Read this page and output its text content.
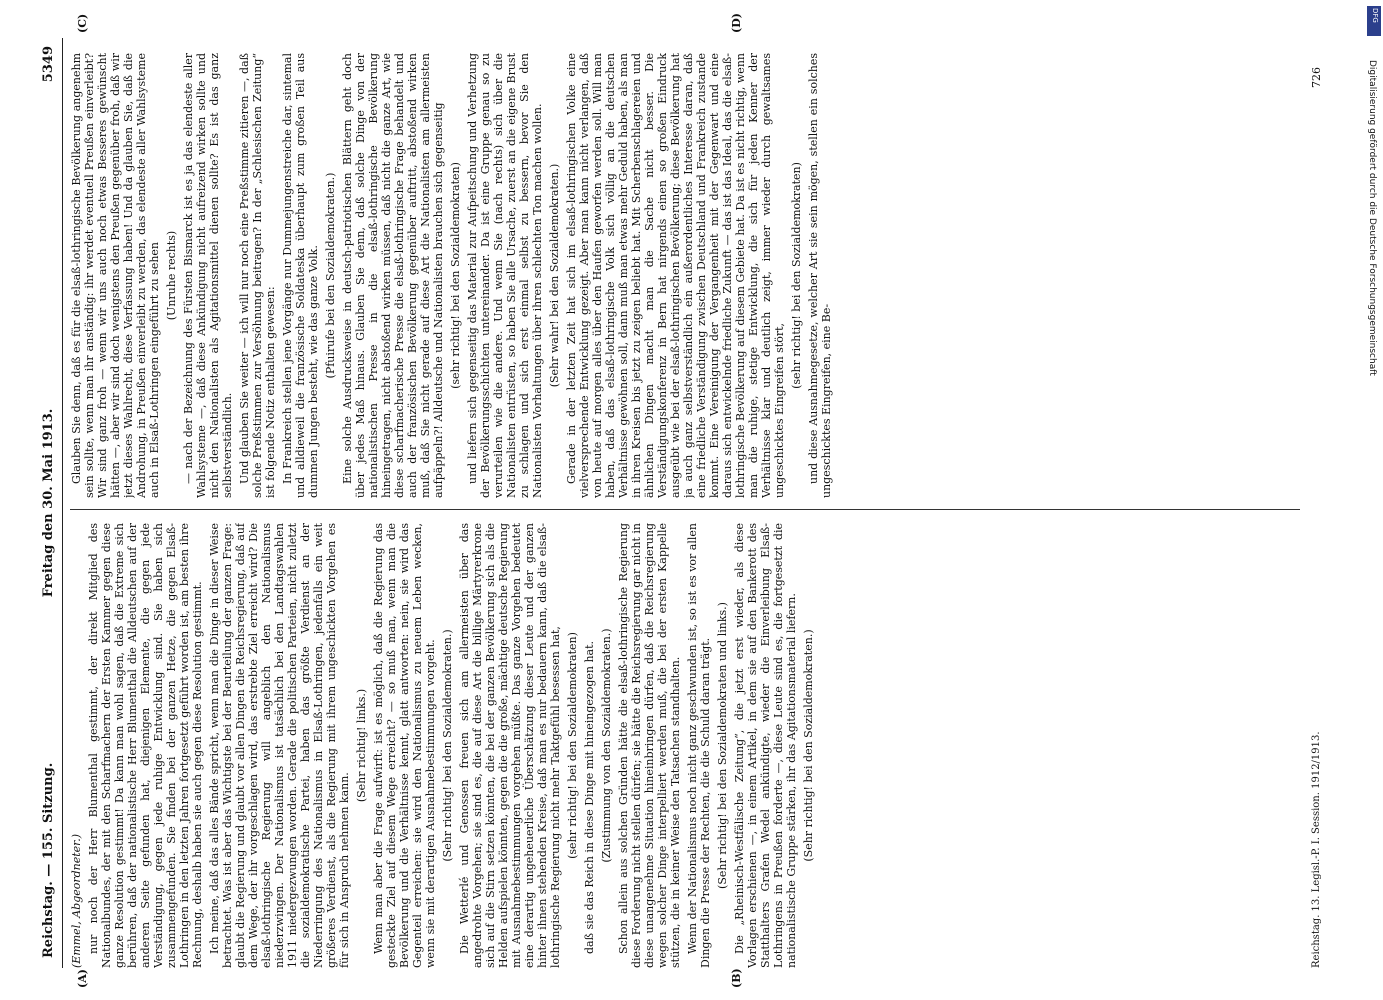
Reichstag. — 155. Sitzung.
Freitag den 30. Mai 1913.
5349

(Emmel, Abgeordneter.) nur noch der Herr Blumenthal gestimmt, der direkt Mitglied des Nationalbundes, der mit den Scharfmachern der Ersten Kammer gegen diese ganze Resolution gestimmt! Da kann man wohl sagen, daß die Extreme sich berühren, daß der nationalistische Herr Blumenthal die Alldeutschen auf der anderen Seite gefunden hat, diejenigen Elemente, die gegen jede Verständigung, gegen jede ruhige Entwicklung sind. Sie haben sich zusammengefunden. Sie finden bei der ganzen Hetze, die gegen Elsaß-Lothringen in den letzten Jahren fortgesetzt geführt worden ist, am besten ihre Rechnung, deshalb haben sie auch gegen diese Resolution gestimmt. Ich meine, daß das alles Bände spricht, wenn man die Dinge in dieser Weise betrachtet. Was ist aber das Wichtigste bei der Beurteilung der ganzen Frage: glaubt die Regierung und glaubt vor allen Dingen die Reichsregierung, daß auf dem Wege, der ihr vorgeschlagen wird, das erstrebte Ziel erreicht wird? Die elsaß-lothringische Regierung will angeblich den Nationalismus niederzwingen. Der Nationalismus ist tatsächlich bei den Landtagswahlen 1911 niedergezwungen worden. Gerade die politischen Parteien, nicht zuletzt die sozialdemokratische Partei, haben das größte Verdienst an der Niederringung des Nationalismus in Elsaß-Lothringen, jedenfalls ein weit größeres Verdienst, als die Regierung mit ihrem ungeschickten Vorgehen es für sich in Anspruch nehmen kann.

(Sehr richtig! links.) Wenn man aber die Frage aufwirft: ist es möglich, daß die Regierung das gesteckte Ziel auf diesem Wege erreicht? — so muß man, wenn man die Bevölkerung und die Verhältnisse kennt, glatt antworten: nein, sie wird das Gegenteil erreichen: sie wird den Nationalismus zu neuem Leben wecken, wenn sie mit derartigen Ausnahmebestimmungen vorgeht. (Sehr richtig! bei den Sozialdemokraten.) Die Wetterlé und Genossen freuen sich am allermeisten über das angedrohte Vorgehen; sie sind es, die auf diese Art die billige Märtyrerkrone sich auf die Stirn setzen könnten, die bei der ganzen Bevölkerung sich als die Helden aufspielen könnten, gegen die die große, mächtige deutsche Regierung mit Ausnahmebestimmungen vorgehen müßte. Das ganze Vorgehen bedeutet eine derartig ungeheuerliche Überschätzung dieser Leute und der ganzen hinter ihnen stehenden Kreise, daß man es nur bedauern kann, daß die elsaß-lothringische Regierung nicht mehr Taktgefühl besessen hat, (sehr richtig! bei den Sozialdemokraten) daß sie das Reich in diese Dinge mit hineingezogen hat. (Zustimmung von den Sozialdemokraten.) Schon allein aus solchen Gründen hätte die elsaß-lothringische Regierung diese Forderung nicht stellen dürfen; sie hätte die Reichsregierung gar nicht in diese unangenehme Situation hineinbringen dürfen, daß die Reichsregierung wegen solcher Dinge interpelliert werden muß, die bei der ersten Kappelle stützen, die in keiner Weise den Tatsachen standhalten. Wenn der Nationalismus noch nicht ganz geschwunden ist, so ist es vor allen Dingen die Presse der Rechten, die die Schuld daran trägt. (Sehr richtig! bei den Sozialdemokraten und links.) Die „Rheinisch-Westfälische Zeitung“, die jetzt erst wieder, als diese Vorlagen erschienen —, in einem Artikel, in dem sie auf den Bankerott des Statthalters Grafen Wedel ankündigte, wieder die Einverleibung Elsaß-Lothringens in Preußen forderte —, diese Leute sind es, die fortgesetzt die nationalistische Gruppe stärken, ihr das Agitationsmaterial liefern. (Sehr richtig! bei den Sozialdemokraten.)

Glauben Sie denn, daß es für die elsaß-lothringische Bevölkerung angenehm sein sollte, wenn man ihr anständig: ihr werdet eventuell Preußen einverleibt? Wir sind ganz froh — wenn wir uns auch noch etwas Besseres gewünscht hätten —, aber wir sind doch wenigstens den Preußen gegenüber froh, daß wir jetzt dieses Wahlrecht, diese Verfassung haben! Und da glauben Sie, daß die Androhung, in Preußen einverleibt zu werden, das elendeste aller Wahlsysteme auch in Elsaß-Lothringen eingeführt zu sehen (Unruhe rechts) — nach der Bezeichnung des Fürsten Bismarck ist es ja das elendeste aller Wahlsysteme —, daß diese Ankündigung nicht aufreizend wirken sollte und nicht den Nationalisten als Agitationsmittel dienen sollte? Es ist das ganz selbstverständlich. Und glauben Sie weiter — ich will nur noch eine Preßstimme zitieren —, daß solche Preßstimmen zur Versöhnung beitragen? In der „Schlesischen Zeitung“ ist folgende Notiz enthalten gewesen: In Frankreich stellen jene Vorgänge nur Dummejungenstreiche dar, sintemal und alldieweil die französische Soldateska überhaupt zum großen Teil aus dummen Jungen besteht, wie das ganze Volk. (Pfuirufe bei den Sozialdemokraten.) Eine solche Ausdrucksweise in deutsch-patriotischen Blättern geht doch über jedes Maß hinaus. Glauben Sie denn, daß solche Dinge von der nationalistischen Presse in die elsaß-lothringische Bevölkerung hineingetragen, nicht abstoßend wirken müssen, daß nicht die ganze Art, wie diese scharfmacherische Presse die elsaß-lothringische Frage behandelt und auch der französischen Bevölkerung gegenüber auftritt, abstoßend wirken muß, daß Sie nicht gerade auf diese Art die Nationalisten am allermeisten aufpäppeln?! Alldeutsche und Nationalisten brauchen sich gegenseitig (sehr richtig! bei den Sozialdemokraten) und liefern sich gegenseitig das Material zur Aufpeitschung und Verhetzung der Bevölkerungsschichten untereinander. Da ist eine Gruppe genau so zu verurteilen wie die andere. Und wenn Sie (nach rechts) sich über die Nationalisten entrüsten, so haben Sie alle Ursache, zuerst an die eigene Brust zu schlagen und sich erst einmal selbst zu bessern, bevor Sie den Nationalisten Vorhaltungen über ihren schlechten Ton machen wollen. (Sehr wahr! bei den Sozialdemokraten.) Gerade in der letzten Zeit hat sich im elsaß-lothringischen Volke eine vielversprechende Entwicklung gezeigt. Aber man kann nicht verlangen, daß von heute auf morgen alles über den Haufen geworfen werden soll. Will man haben, daß das elsaß-lothringische Volk sich völlig an die deutschen Verhältnisse gewöhnen soll, dann muß man etwas mehr Geduld haben, als man in ihren Kreisen bis jetzt zu zeigen beliebt hat. Mit Scherbenschlagereien und ähnlichen Dingen macht man die Sache nicht besser. Die Verständigungskonferenz in Bern hat nirgends einen so großen Eindruck ausgeübt wie bei der elsaß-lothringischen Bevölkerung; diese Bevölkerung hat ja auch ganz selbstverständlich ein außerordentliches Interesse daran, daß eine friedliche Verständigung zwischen Deutschland und Frankreich zustande kommt. Eine Vereinigung der Vergangenheit mit der Gegenwart und eine daraus sich entwickelnde friedliche Zukunft — das ist das Ideal, das die elsaß-lothringische Bevölkerung auf diesem Gebiete hat. Da ist es nicht richtig, wenn man die ruhige, stetige Entwicklung, die sich für jeden Kenner der Verhältnisse klar und deutlich zeigt, immer wieder durch gewaltsames ungeschicktes Eingreifen stört,

(sehr richtig! bei den Sozialdemokraten) und diese Ausnahmegesetze, welcher Art sie sein mögen, stellen ein solches ungeschicktes Eingreifen, eine Be-

(A)	(B)
(C)	(D)
Reichstag. 13. Legisl.-P. I. Session. 1912/1913.
726
DFG
Digitalisierung gefördert durch die Deutsche Forschungsgemeinschaft
